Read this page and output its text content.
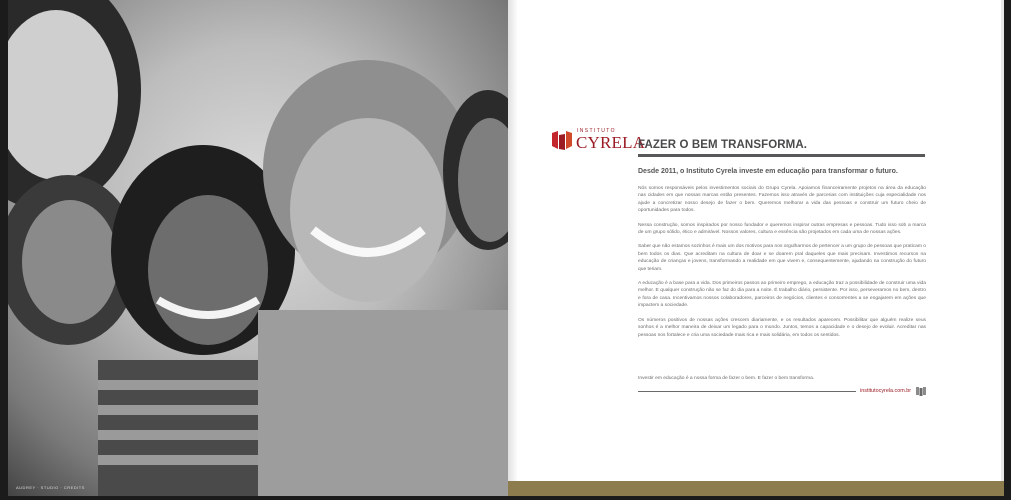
AUDREY · STUDIO · CREDITS
INSTITUTO
CYRELA
FAZER O BEM TRANSFORMA.
Desde 2011, o Instituto Cyrela investe em educação para transformar o futuro.

Nós somos responsáveis pelos investimentos sociais do Grupo Cyrela. Apoiamos financeiramente projetos na área da educação nas cidades em que nossas marcas estão presentes. Fazemos isso através de parcerias com instituições cuja especialidade nos ajude a concretizar nosso desejo de fazer o bem. Queremos melhorar a vida das pessoas e construir um futuro cheio de oportunidades para todos.

Nessa construção, somos inspirados por nosso fundador e queremos inspirar outras empresas e pessoas. Tudo isso sob a marca de um grupo sólido, ético e admirável. Nossos valores, cultura e essência são projetados em cada uma de nossas ações.

Saber que não estamos sozinhos é mais um dos motivos para nos orgulharmos de pertencer a um grupo de pessoas que praticam o bem todos os dias. Que acreditam na cultura de doar e se doarem pral daqueles que mais precisam. Investimos recursos na educação de crianças e jovens, transformando a realidade em que vivem e, consequentemente, ajudando na construção do futuro que teriam.

A educação é a base para a vida. Dos primeiros passos ao primeiro emprego, a educação traz a possibilidade de construir uma vida melhor. E qualquer construção não se faz do dia para a noite. É trabalho diário, persistente. Por isso, perseveramos no bem, dentro e fora de casa. Incentivamos nossos colaboradores, parceiros de negócios, clientes e consorrentes a se engajarem em ações que impactem a sociedade.

Os números positivos de nossas ações crescem diariamente, e os resultados aparecem. Possibilitar que alguém realize seus sonhos é a melhor maneira de deixar um legado para o mundo. Juntos, temos a capacidade e o desejo de evoluir. Acreditar nas pessoas nos fortalece e cria uma sociedade mais rica e mais solidária, em todos os sentidos.

Investir em educação é a nossa forma de fazer o bem. E fazer o bem transforma.
institutocyrela.com.br
